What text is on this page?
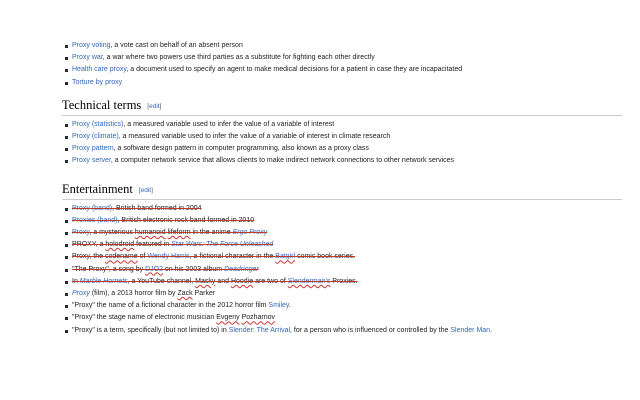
Proxy voting, a vote cast on behalf of an absent person
Proxy war, a war where two powers use third parties as a substitute for fighting each other directly
Health care proxy, a document used to specify an agent to make medical decisions for a patient in case they are incapacitated
Torture by proxy
Technical terms [edit]
Proxy (statistics), a measured variable used to infer the value of a variable of interest
Proxy (climate), a measured variable used to infer the value of a variable of interest in climate research
Proxy pattern, a software design pattern in computer programming, also known as a proxy class
Proxy server, a computer network service that allows clients to make indirect network connections to other network services
Entertainment [edit]
Proxy (band), British band formed in 2004
Proxies (band), British electronic rock band formed in 2010
Proxy, a mysterious humanoid lifeform in the anime Ergo Proxy
PROXY, a holodroid featured in Star Wars: The Force Unleashed
Proxy, the codename of Wendy Harris, a fictional character in the Batgirl comic book series.
"The Proxy", a song by DJO2 on his 2003 album Deadringer
In Marble Hornets, a YouTube channel, Masky and Hoodie are two of Slenderman's Proxies.
Proxy (film), a 2013 horror film by Zack Parker
"Proxy" the name of a fictional character in the 2012 horror film Smiley.
"Proxy" the stage name of electronic musician Evgeny Pozharnov
"Proxy" is a term, specifically (but not limited to) in Slender: The Arrival, for a person who is influenced or controlled by the Slender Man.
